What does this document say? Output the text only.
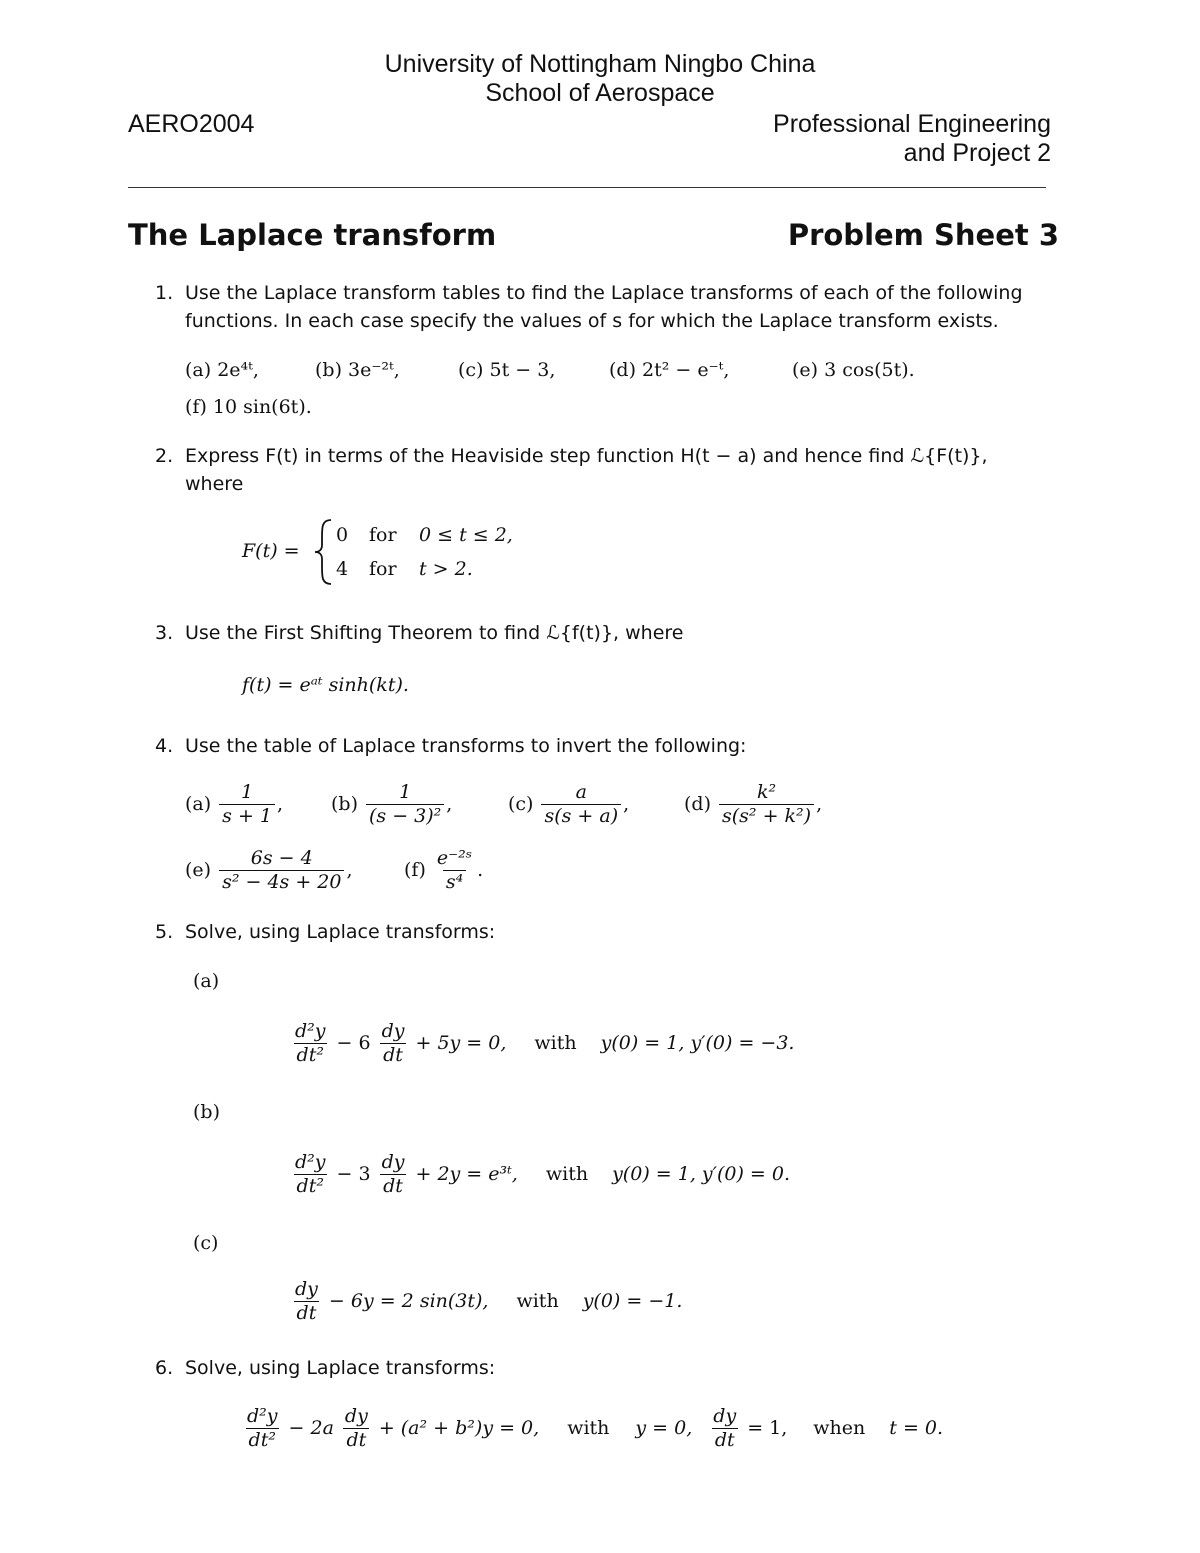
University of Nottingham Ningbo China
School of Aerospace
AERO2004	Professional Engineering
and Project 2
The Laplace transform	Problem Sheet 3
1. Use the Laplace transform tables to find the Laplace transforms of each of the following
functions. In each case specify the values of s for which the Laplace transform exists.
(a) 2e⁴ᵗ,	(b) 3e⁻²ᵗ,	(c) 5t − 3,	(d) 2t² − e⁻ᵗ,	(e) 3 cos(5t).
(f) 10 sin(6t).
2. Express F(t) in terms of the Heaviside step function H(t − a) and hence find ℒ{F(t)},
where
F(t) =
0 for 0 ≤ t ≤ 2,
4 for t > 2.
3. Use the First Shifting Theorem to find ℒ{f(t)}, where
f(t) = eᵃᵗ sinh(kt).
4. Use the table of Laplace transforms to invert the following:
$(a) \frac{1}{s + 1}$ ,	$(b) \frac{1}{\text{(s − 3)²}}$ ,	$(c) \frac{a}{s(s + a)}$ ,	$(d) \frac{\text{k²}}{\text{s(s² + k²)}}$ ,
$(e) \frac{6s - 4}{\text{s² − 4s + 20}}$ ,	$(f) \frac{\text{e⁻²ˢ}}{\text{s⁴}}$ .
5. Solve, using Laplace transforms:
(a)
$\frac{\text{d²y}}{\text{dt²}} - 6 \frac{dy}{dt} + 5y = 0$, with y(0) = 1, y′(0) = −3.
(b)
$\frac{\text{d²y}}{\text{dt²}} - 3 \frac{dy}{dt} + 2y$ = e³ᵗ, with y(0) = 1, y′(0) = 0.
(c)
$\frac{dy}{dt} - 6y = 2$ sin(3t), with y(0) = −1.
6. Solve, using Laplace transforms:
$\frac{\text{d²y}}{\text{dt²}} - 2a \frac{dy}{dt} + (a^2 + b^2)y = 0$, with y = 0, $\frac{dy}{dt} = 1$, when t = 0.
